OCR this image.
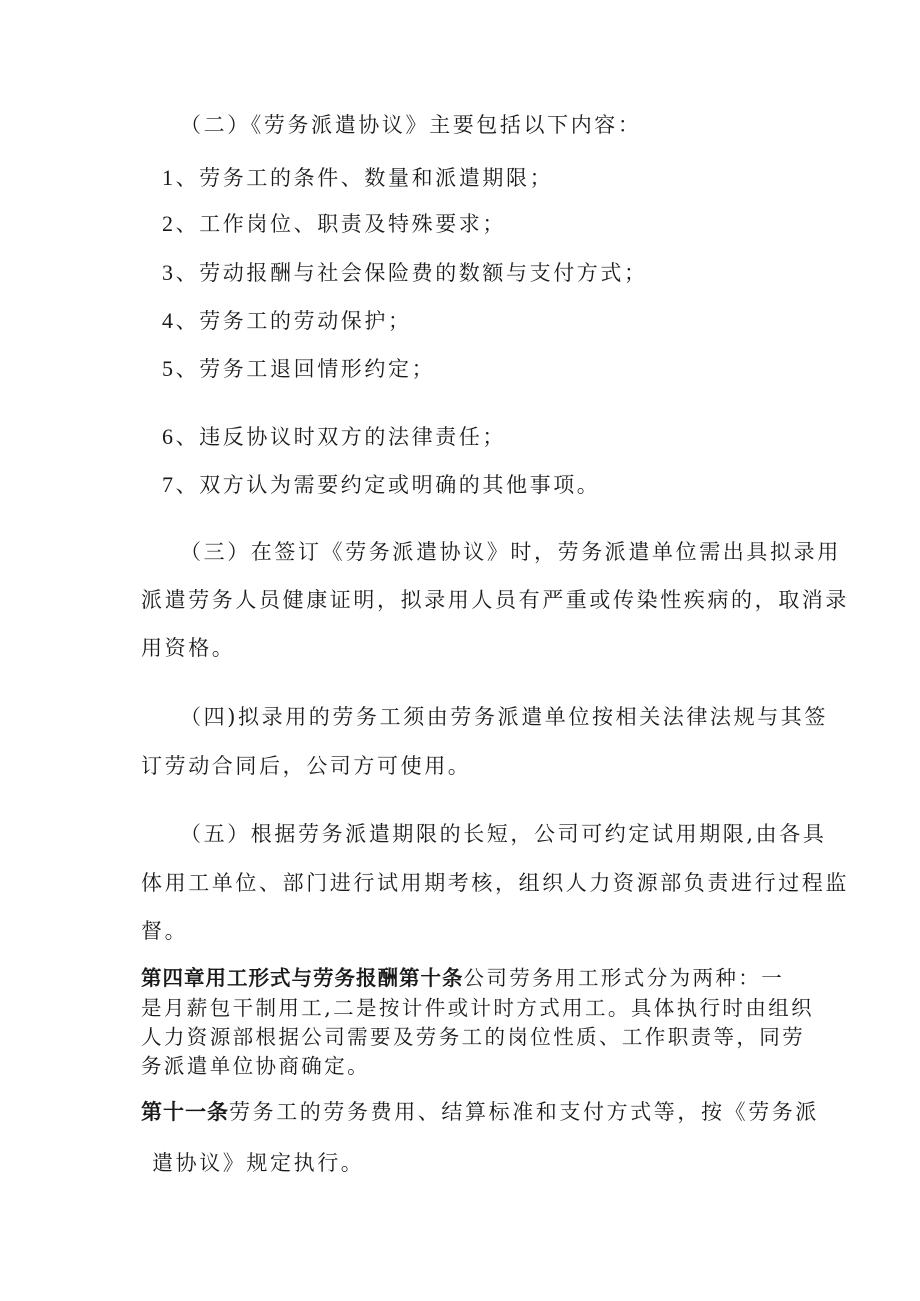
（二）《劳务派遣协议》主要包括以下内容：
1、劳务工的条件、数量和派遣期限；
2、工作岗位、职责及特殊要求；
3、劳动报酬与社会保险费的数额与支付方式；
4、劳务工的劳动保护；
5、劳务工退回情形约定；
6、违反协议时双方的法律责任；
7、双方认为需要约定或明确的其他事项。
（三）在签订《劳务派遣协议》时，劳务派遣单位需出具拟录用
派遣劳务人员健康证明，拟录用人员有严重或传染性疾病的，取消录
用资格。
（四)拟录用的劳务工须由劳务派遣单位按相关法律法规与其签
订劳动合同后，公司方可使用。
（五）根据劳务派遣期限的长短，公司可约定试用期限,由各具
体用工单位、部门进行试用期考核，组织人力资源部负责进行过程监
督。
第四章用工形式与劳务报酬第十条公司劳务用工形式分为两种：一
是月薪包干制用工,二是按计件或计时方式用工。具体执行时由组织
人力资源部根据公司需要及劳务工的岗位性质、工作职责等，同劳
务派遣单位协商确定。
第十一条劳务工的劳务费用、结算标准和支付方式等，按《劳务派
遣协议》规定执行。
